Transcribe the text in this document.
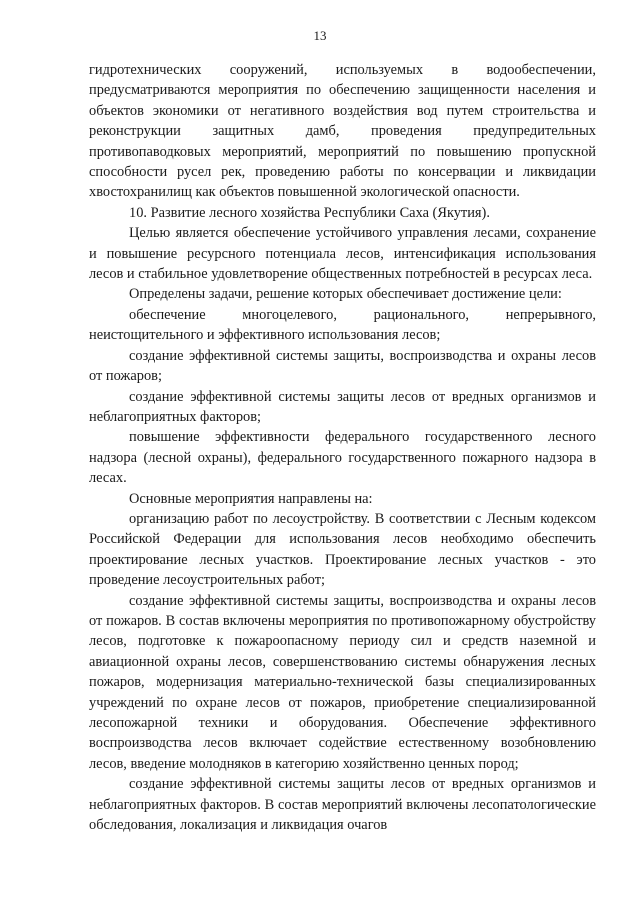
13

гидротехнических сооружений, используемых в водообеспечении, предусматриваются мероприятия по обеспечению защищенности населения и объектов экономики от негативного воздействия вод путем строительства и реконструкции защитных дамб, проведения предупредительных противопаводковых мероприятий, мероприятий по повышению пропускной способности русел рек, проведению работы по консервации и ликвидации хвостохранилищ как объектов повышенной экологической опасности.

10. Развитие лесного хозяйства Республики Саха (Якутия).

Целью является обеспечение устойчивого управления лесами, сохранение и повышение ресурсного потенциала лесов, интенсификация использования лесов и стабильное удовлетворение общественных потребностей в ресурсах леса.

Определены задачи, решение которых обеспечивает достижение цели:

обеспечение многоцелевого, рационального, непрерывного, неистощительного и эффективного использования лесов;

создание эффективной системы защиты, воспроизводства и охраны лесов от пожаров;

создание эффективной системы защиты лесов от вредных организмов и неблагоприятных факторов;

повышение эффективности федерального государственного лесного надзора (лесной охраны), федерального государственного пожарного надзора в лесах.

Основные мероприятия направлены на:

организацию работ по лесоустройству. В соответствии с Лесным кодексом Российской Федерации для использования лесов необходимо обеспечить проектирование лесных участков. Проектирование лесных участков - это проведение лесоустроительных работ;

создание эффективной системы защиты, воспроизводства и охраны лесов от пожаров. В состав включены мероприятия по противопожарному обустройству лесов, подготовке к пожароопасному периоду сил и средств наземной и авиационной охраны лесов, совершенствованию системы обнаружения лесных пожаров, модернизация материально-технической базы специализированных учреждений по охране лесов от пожаров, приобретение специализированной лесопожарной техники и оборудования. Обеспечение эффективного воспроизводства лесов включает содействие естественному возобновлению лесов, введение молодняков в категорию хозяйственно ценных пород;

создание эффективной системы защиты лесов от вредных организмов и неблагоприятных факторов. В состав мероприятий включены лесопатологические обследования, локализация и ликвидация очагов
